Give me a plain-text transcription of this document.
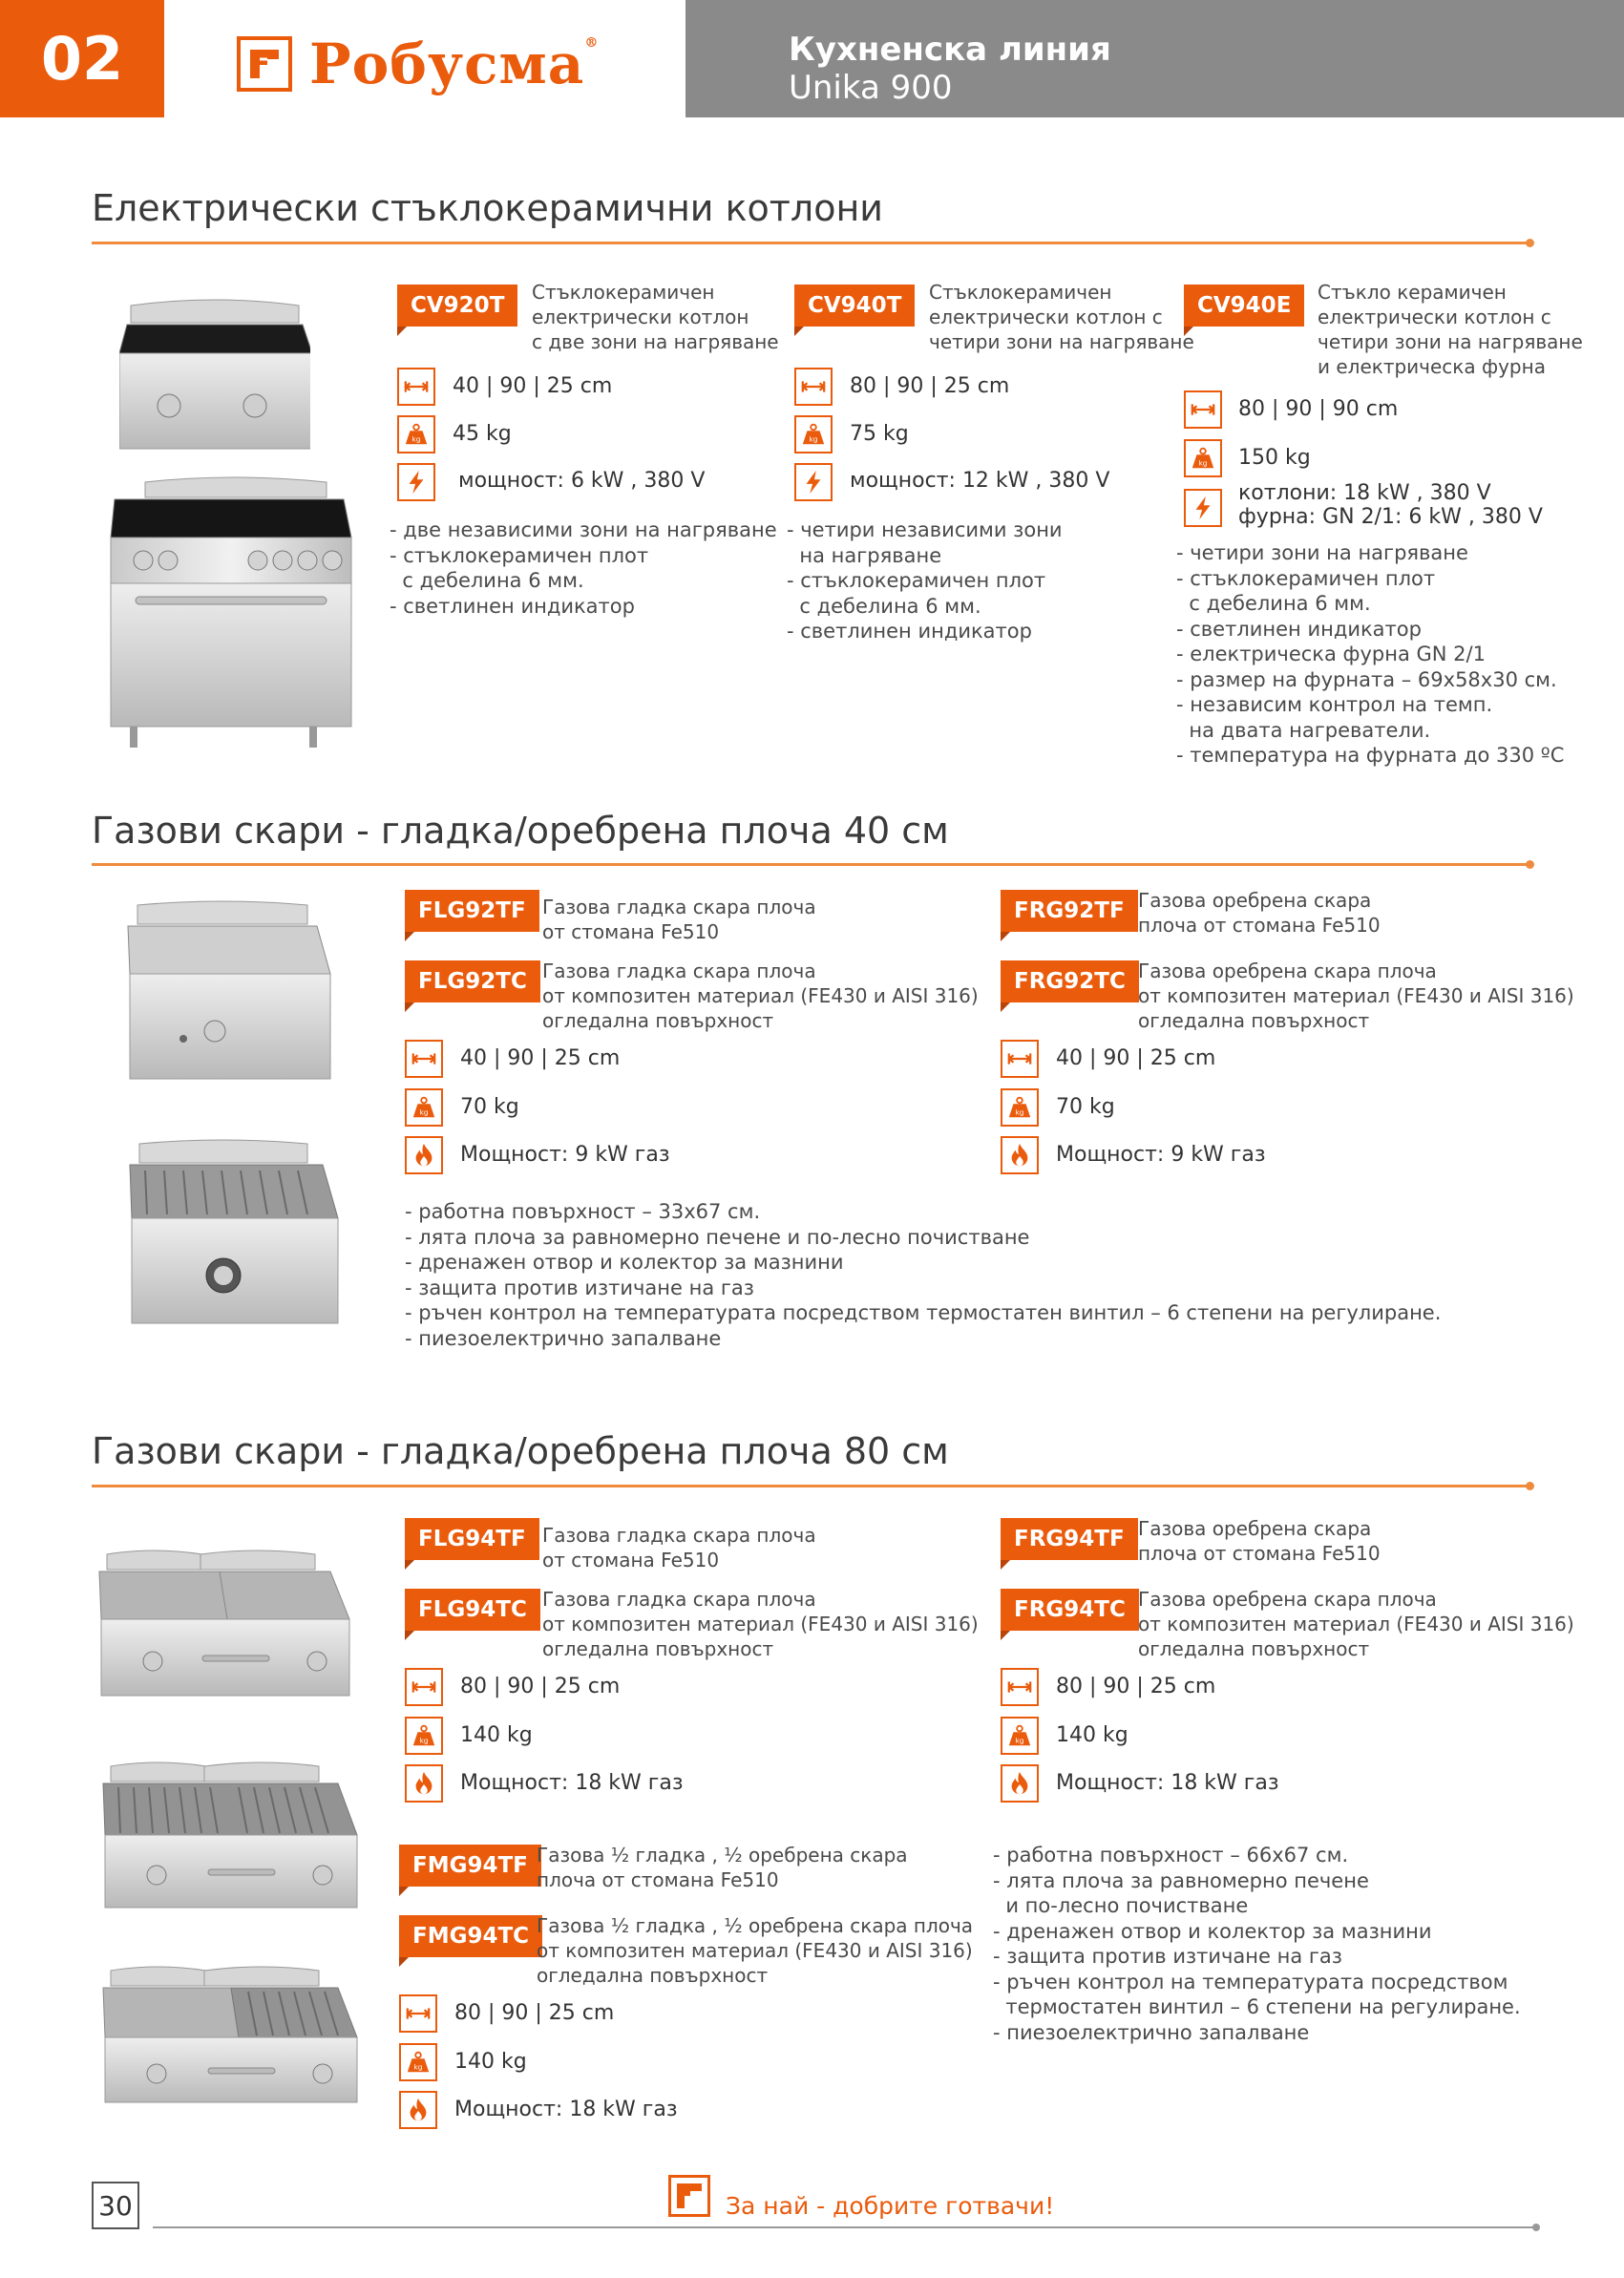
02	Робусма®	Кухненска линия
Unika 900
Електрически стъклокерамични котлони
CV920T
Стъклокерамичен
електрически котлон
с две зони на нагряване
40 | 90 | 25 cm
45 kg
мощност: 6 kW , 380 V
- две независими зони на нагряване
- стъклокерамичен плот
с дебелина 6 мм.
- светлинен индикатор
CV940T
Стъклокерамичен
електрически котлон с
четири зони на нагряване
80 | 90 | 25 cm
75 kg
мощност: 12 kW , 380 V
- четири независими зони
на нагряване
- стъклокерамичен плот
с дебелина 6 мм.
- светлинен индикатор
CV940E
Стъкло керамичен
електрически котлон с
четири зони на нагряване
и електрическа фурна
80 | 90 | 90 cm
150 kg
котлони: 18 kW , 380 V
фурна: GN 2/1: 6 kW , 380 V
- четири зони на нагряване
- стъклокерамичен плот
с дебелина 6 мм.
- светлинен индикатор
- електрическа фурна GN 2/1
- размер на фурната – 69x58x30 см.
- независим контрол на темп.
на двата нагреватели.
- температура на фурната до 330 ºC
Газови скари - гладка/оребрена плоча 40 см
FLG92TF Газова гладка скара плоча
от стомана Fe510
FLG92TC Газова гладка скара плоча
от композитен материал (FE430 и AISI 316)
огледална повърхност
40 | 90 | 25 cm
70 kg
Мощност: 9 kW газ
FRG92TF Газова оребрена скара
плоча от стомана Fe510
FRG92TC Газова оребрена скара плоча
от композитен материал (FE430 и AISI 316)
огледална повърхност
40 | 90 | 25 cm
70 kg
Мощност: 9 kW газ
- работна повърхност – 33x67 см.
- лята плоча за равномерно печене и по-лесно почистване
- дренажен отвор и колектор за мазнини
- защита против изтичане на газ
- ръчен контрол на температурата посредством термостатен винтил – 6 степени на регулиране.
- пиезоелектрично запалване
Газови скари - гладка/оребрена плоча 80 см
FLG94TF Газова гладка скара плоча
от стомана Fe510
FLG94TC Газова гладка скара плоча
от композитен материал (FE430 и AISI 316)
огледална повърхност
80 | 90 | 25 cm
140 kg
Мощност: 18 kW газ
FRG94TF Газова оребрена скара
плоча от стомана Fe510
FRG94TC Газова оребрена скара плоча
от композитен материал (FE430 и AISI 316)
огледална повърхност
80 | 90 | 25 cm
140 kg
Мощност: 18 kW газ
FMG94TF Газова ½ гладка , ½ оребрена скара
плоча от стомана Fe510
FMG94TC Газова ½ гладка , ½ оребрена скара плоча
от композитен материал (FE430 и AISI 316)
огледална повърхност
80 | 90 | 25 cm
140 kg
Мощност: 18 kW газ
- работна повърхност – 66x67 см.
- лята плоча за равномерно печене
и по-лесно почистване
- дренажен отвор и колектор за мазнини
- защита против изтичане на газ
- ръчен контрол на температурата посредством
термостатен винтил – 6 степени на регулиране.
- пиезоелектрично запалване
30	За най - добрите готвачи!
